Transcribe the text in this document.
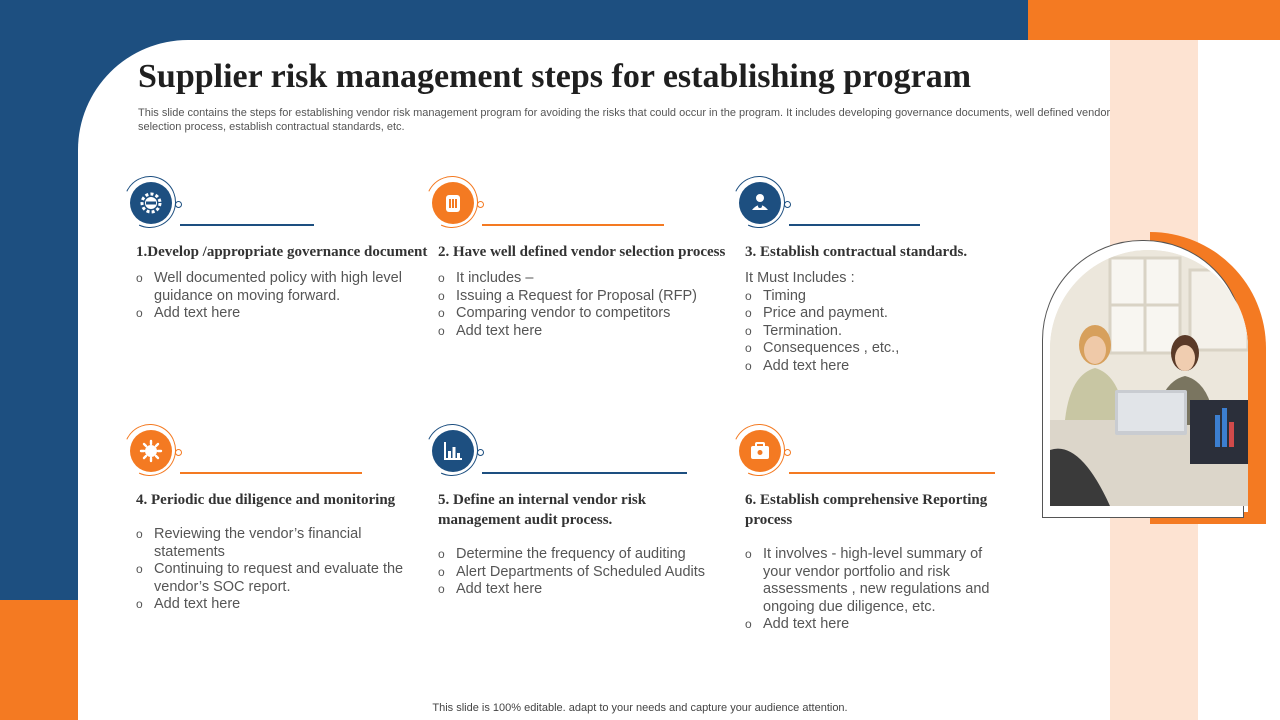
Supplier risk management steps for establishing program

This slide contains the steps for establishing vendor risk management program for avoiding the risks that could occur in the program. It includes developing governance documents, well defined vendor selection process, establish contractual standards, etc.

1.Develop /appropriate governance document
o Well documented policy with high level guidance on moving forward.
o Add text here
2. Have well defined vendor selection process
o It includes –
o Issuing a Request for Proposal (RFP)
o Comparing vendor to competitors
o Add text here
3. Establish contractual standards.

It Must Includes :

o Timing
o Price and payment.
o Termination.
o Consequences , etc.,
o Add text here
4. Periodic due diligence and monitoring
o Reviewing the vendor’s financial statements
o Continuing to request and evaluate the vendor’s SOC report.
o Add text here
5. Define an internal vendor risk management audit process.
o Determine the frequency of auditing
o Alert Departments of Scheduled Audits
o Add text here
6. Establish comprehensive Reporting process
o It involves - high-level summary of your vendor portfolio and risk assessments , new regulations and ongoing due diligence, etc.
o Add text here

This slide is 100% editable. adapt to your needs and capture your audience attention.
